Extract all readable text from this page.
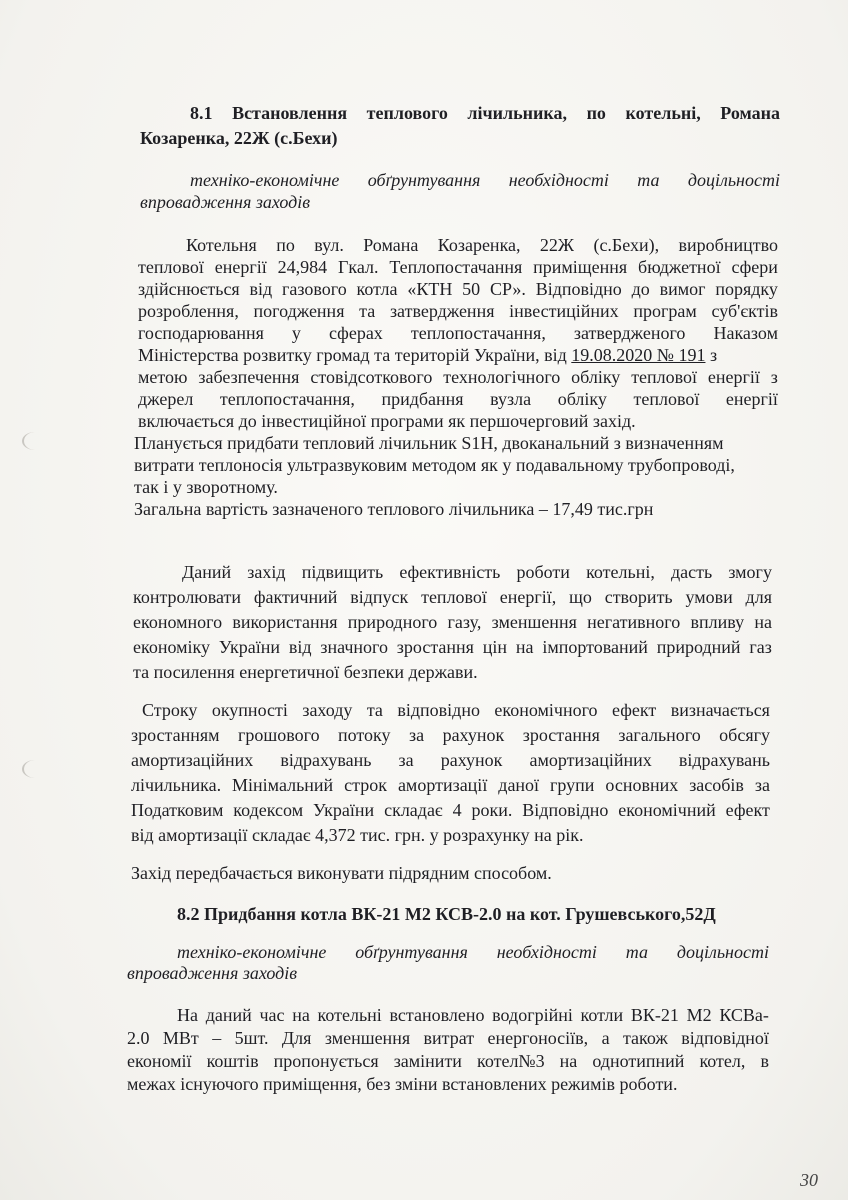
8.1 Встановлення теплового лічильника, по котельні, Романа
Козаренка, 22Ж (с.Бехи)
техніко-економічне обґрунтування необхідності та доцільності
впровадження заходів
Котельня по вул. Романа Козаренка, 22Ж (с.Бехи), виробництво
теплової енергії 24,984 Гкал. Теплопостачання приміщення бюджетної сфери
здійснюється від газового котла «КТН 50 СР». Відповідно до вимог порядку
розроблення, погодження та затвердження інвестиційних програм суб'єктів
господарювання у сферах теплопостачання, затвердженого Наказом
Міністерства розвитку громад та територій України, від 19.08.2020 № 191 з
метою забезпечення стовідсоткового технологічного обліку теплової енергії з
джерел теплопостачання, придбання вузла обліку теплової енергії
включається до інвестиційної програми як першочерговий захід.
Планується придбати тепловий лічильник S1H, двоканальний з визначенням
витрати теплоносія ультразвуковим методом як у подавальному трубопроводі,
так і у зворотному.
Загальна вартість зазначеного теплового лічильника – 17,49 тис.грн
Даний захід підвищить ефективність роботи котельні, дасть змогу
контролювати фактичний відпуск теплової енергії, що створить умови для
економного використання природного газу, зменшення негативного впливу на
економіку України від значного зростання цін на імпортований природний газ
та посилення енергетичної безпеки держави.
Строку окупності заходу та відповідно економічного ефект визначається
зростанням грошового потоку за рахунок зростання загального обсягу
амортизаційних відрахувань за рахунок амортизаційних відрахувань
лічильника. Мінімальний строк амортизації даної групи основних засобів за
Податковим кодексом України складає 4 роки. Відповідно економічний ефект
від амортизації складає 4,372 тис. грн. у розрахунку на рік.
Захід передбачається виконувати підрядним способом.
8.2 Придбання котла ВК-21 М2 КСВ-2.0 на кот. Грушевського,52Д
техніко-економічне обґрунтування необхідності та доцільності
впровадження заходів
На даний час на котельні встановлено водогрійні котли ВК-21 М2 КСВа-
2.0 МВт – 5шт. Для зменшення витрат енергоносіїв, а також відповідної
економії коштів пропонується замінити котел№3 на однотипний котел, в
межах існуючого приміщення, без зміни встановлених режимів роботи.
30
